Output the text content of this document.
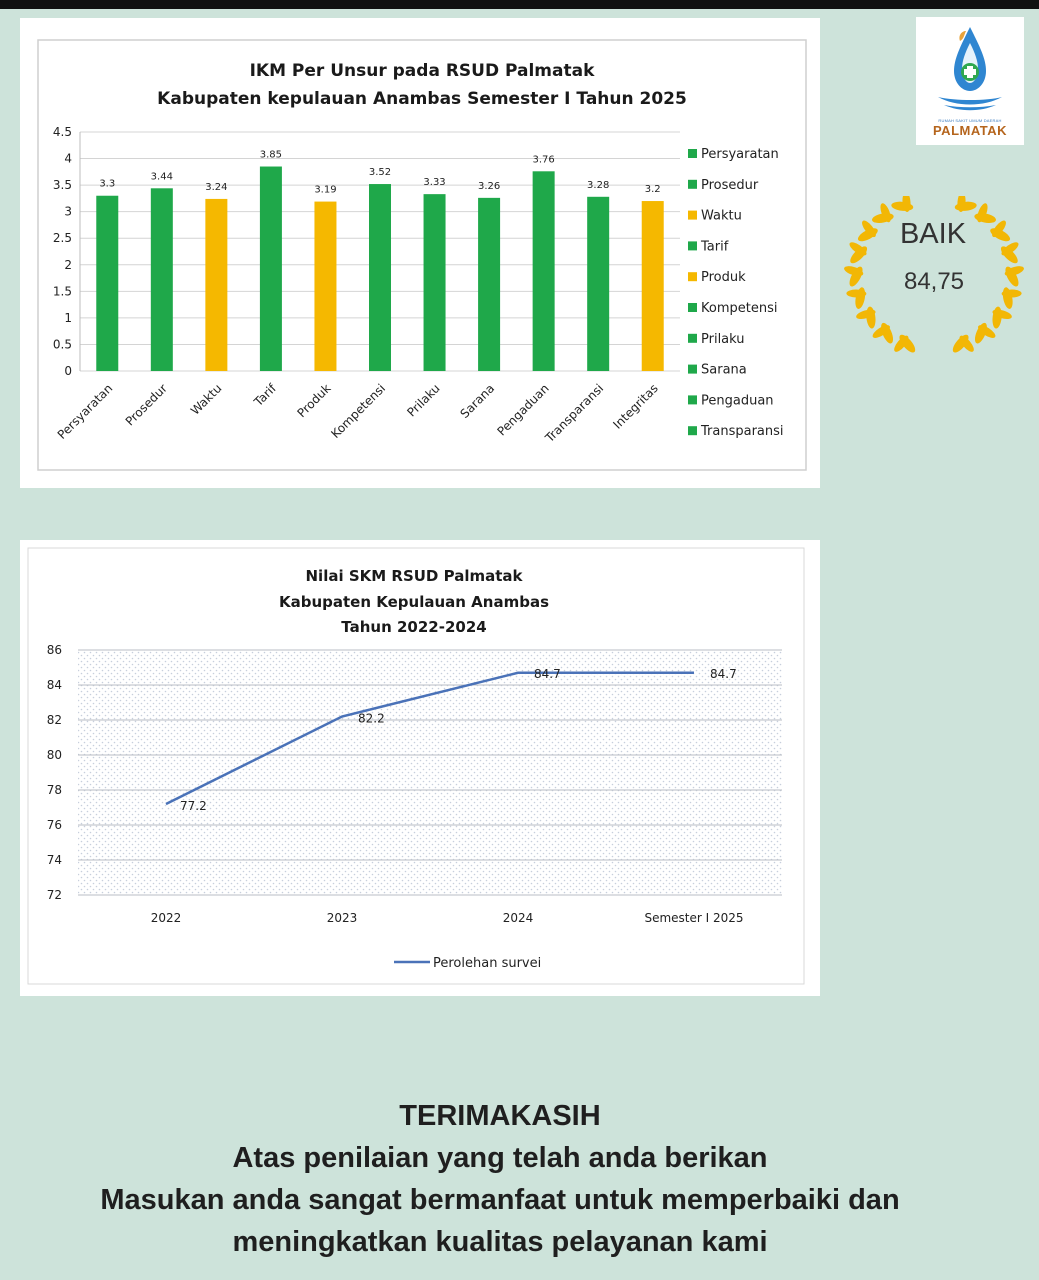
IKM Per Unsur pada RSUD Palmatak
Kabupaten kepulauan Anambas Semester I Tahun 2025
0
0.5
1
1.5
2
2.5
3
3.5
4
4.5
3.3
3.44
3.24
3.85
3.19
3.52
3.33	3.26
3.76
3.28	3.2
Persyaratan Prosedur Waktu Tarif Produk
Kompetensi Prilaku Sarana
Pengaduan
Transparansi Integritas
Persyaratan
Prosedur
Waktu
Tarif
Produk
Kompetensi
Prilaku
Sarana
Pengaduan
Transparansi
Nilai SKM RSUD Palmatak
Kabupaten Kepulauan Anambas
Tahun 2022-2024
72
74
76
78
80
82
84
86
2022	2023	2024	Semester I 2025
77.2
82.2
84.7	84.7
Perolehan survei
RUMAH SAKIT UMUM DAERAH
PALMATAK
BAIK
84,75
TERIMAKASIH
Atas penilaian yang telah anda berikan
Masukan anda sangat bermanfaat untuk memperbaiki dan
meningkatkan kualitas pelayanan kami
